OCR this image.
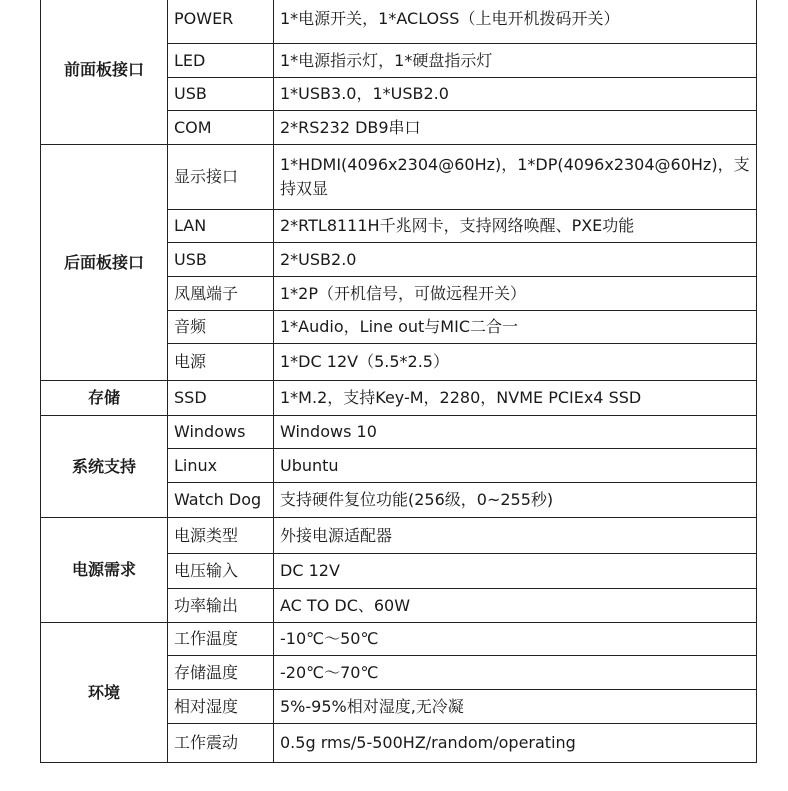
前面板接口	POWER	1*电源开关，1*ACLOSS（上电开机拨码开关）
	LED	1*电源指示灯，1*硬盘指示灯
	USB	1*USB3.0，1*USB2.0
	COM	2*RS232 DB9串口
后面板接口	显示接口	1*HDMI(4096x2304@60Hz)，1*DP(4096x2304@60Hz)，支持双显
	LAN	2*RTL8111H千兆网卡，支持网络唤醒、PXE功能
	USB	2*USB2.0
	凤凰端子	1*2P（开机信号，可做远程开关）
	音频	1*Audio，Line out与MIC二合一
	电源	1*DC 12V（5.5*2.5）
存储	SSD	1*M.2，支持Key-M，2280，NVME PCIEx4 SSD
系统支持	Windows	Windows 10
	Linux	Ubuntu
	Watch Dog	支持硬件复位功能(256级，0~255秒)
电源需求	电源类型	外接电源适配器
	电压输入	DC 12V
	功率输出	AC TO DC、60W
环境	工作温度	-10℃～50℃
	存储温度	-20℃～70℃
	相对湿度	5%-95%相对湿度,无冷凝
	工作震动	0.5g rms/5-500HZ/random/operating
